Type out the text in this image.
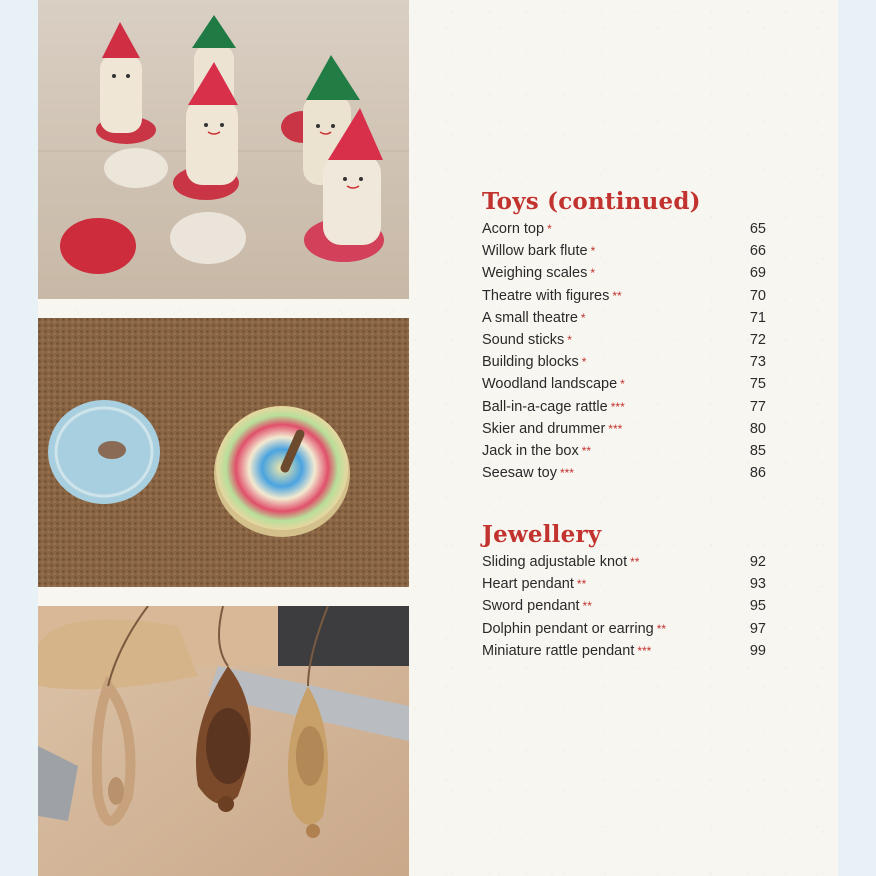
Toys (continued)
Acorn top *	65
Willow bark flute *	66
Weighing scales *	69
Theatre with figures **	70
A small theatre *	71
Sound sticks *	72
Building blocks *	73
Woodland landscape *	75
Ball-in-a-cage rattle ***	77
Skier and drummer ***	80
Jack in the box **	85
Seesaw toy ***	86
Jewellery
Sliding adjustable knot **	92
Heart pendant **	93
Sword pendant **	95
Dolphin pendant or earring **	97
Miniature rattle pendant ***	99
